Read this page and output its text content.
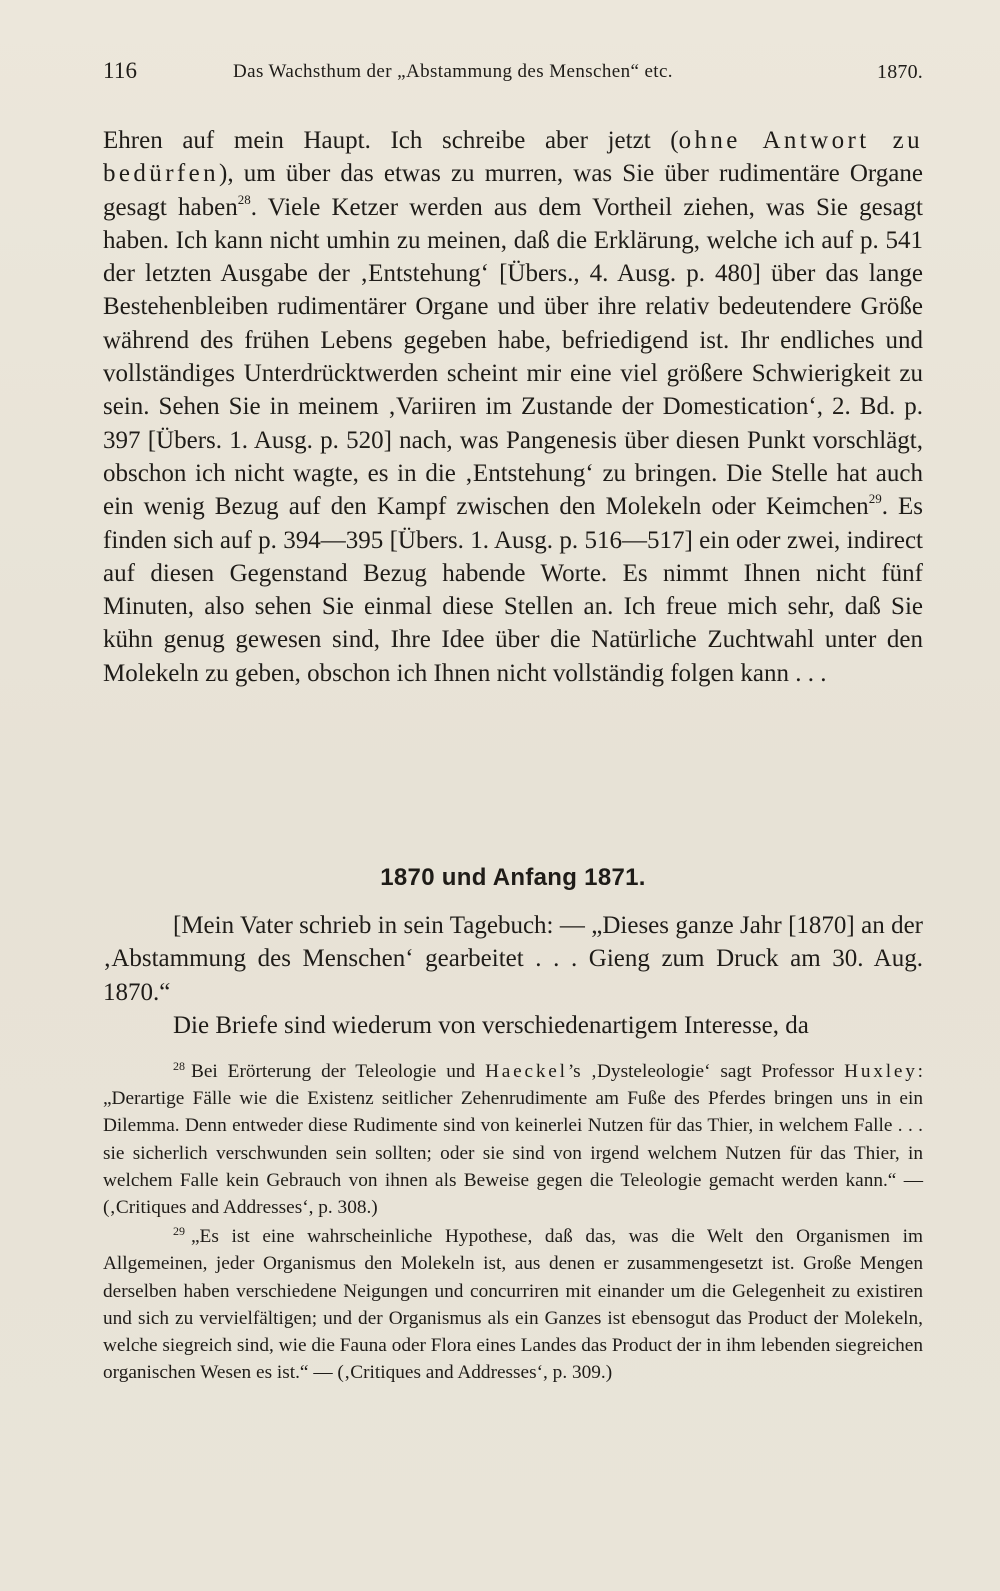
116	Das Wachsthum der „Abstammung des Menschen“ etc.	1870.

Ehren auf mein Haupt. Ich schreibe aber jetzt (ohne Antwort zu bedürfen), um über das etwas zu murren, was Sie über rudimentäre Organe gesagt haben$^{28}$. Viele Ketzer werden aus dem Vortheil ziehen, was Sie gesagt haben. Ich kann nicht umhin zu meinen, daß die Erklärung, welche ich auf p. 541 der letzten Ausgabe der ‚Entstehung‘ [Übers., 4. Ausg. p. 480] über das lange Bestehenbleiben rudimentärer Organe und über ihre relativ bedeutendere Größe während des frühen Lebens gegeben habe, befriedigend ist. Ihr endliches und vollständiges Unterdrücktwerden scheint mir eine viel größere Schwierigkeit zu sein. Sehen Sie in meinem ‚Variiren im Zustande der Domestication‘, 2. Bd. p. 397 [Übers. 1. Ausg. p. 520] nach, was Pangenesis über diesen Punkt vorschlägt, obschon ich nicht wagte, es in die ‚Entstehung‘ zu bringen. Die Stelle hat auch ein wenig Bezug auf den Kampf zwischen den Molekeln oder Keimchen$^{29}$. Es finden sich auf p. 394—395 [Übers. 1. Ausg. p. 516—517] ein oder zwei, indirect auf diesen Gegenstand Bezug habende Worte. Es nimmt Ihnen nicht fünf Minuten, also sehen Sie einmal diese Stellen an. Ich freue mich sehr, daß Sie kühn genug gewesen sind, Ihre Idee über die Natürliche Zuchtwahl unter den Molekeln zu geben, obschon ich Ihnen nicht vollständig folgen kann . . .

1870 und Anfang 1871.

[Mein Vater schrieb in sein Tagebuch: — „Dieses ganze Jahr [1870] an der ‚Abstammung des Menschen‘ gearbeitet . . . Gieng zum Druck am 30. Aug. 1870.“

Die Briefe sind wiederum von verschiedenartigem Interesse, da

$^{28}$ Bei Erörterung der Teleologie und Haeckel’s ‚Dysteleologie‘ sagt Professor Huxley: „Derartige Fälle wie die Existenz seitlicher Zehenrudimente am Fuße des Pferdes bringen uns in ein Dilemma. Denn entweder diese Rudimente sind von keinerlei Nutzen für das Thier, in welchem Falle . . . sie sicherlich verschwunden sein sollten; oder sie sind von irgend welchem Nutzen für das Thier, in welchem Falle kein Gebrauch von ihnen als Beweise gegen die Teleologie gemacht werden kann.“ — (‚Critiques and Addresses‘, p. 308.)

$^{29}$ „Es ist eine wahrscheinliche Hypothese, daß das, was die Welt den Organismen im Allgemeinen, jeder Organismus den Molekeln ist, aus denen er zusammengesetzt ist. Große Mengen derselben haben verschiedene Neigungen und concurriren mit einander um die Gelegenheit zu existiren und sich zu vervielfältigen; und der Organismus als ein Ganzes ist ebensogut das Product der Molekeln, welche siegreich sind, wie die Fauna oder Flora eines Landes das Product der in ihm lebenden siegreichen organischen Wesen es ist.“ — (‚Critiques and Addresses‘, p. 309.)
